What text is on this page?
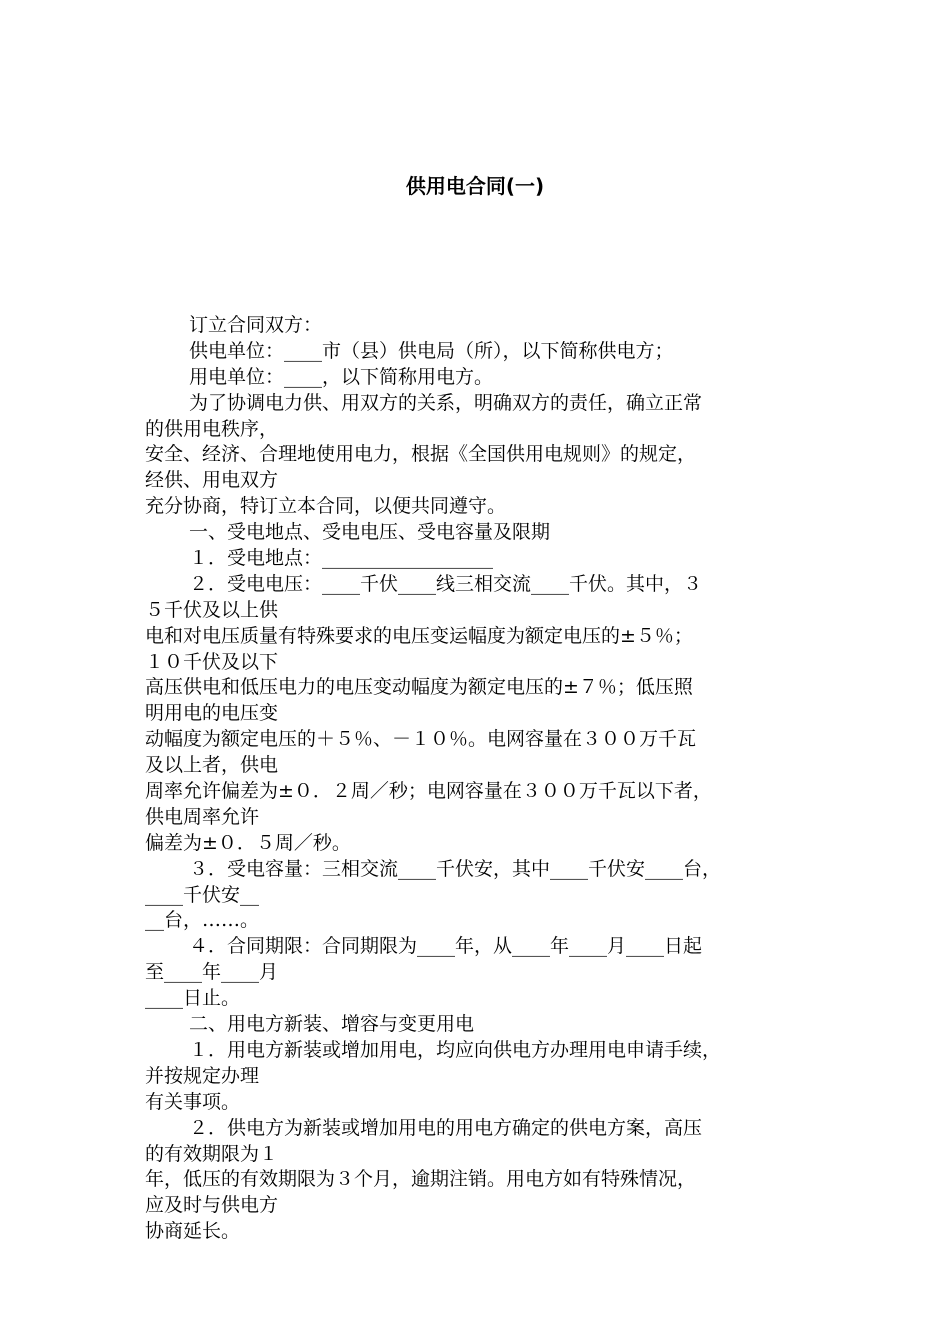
供用电合同(一)
　　 订立合同双方：
　　 供电单位：____市（县）供电局（所），以下简称供电方；
　　 用电单位：____，以下简称用电方。
　　 为了协调电力供、用双方的关系，明确双方的责任，确立正常
的供用电秩序，
安全、经济、合理地使用电力，根据《全国供用电规则》的规定，
经供、用电双方
充分协商，特订立本合同，以便共同遵守。
　　 一、受电地点、受电电压、受电容量及限期
　　 １．受电地点：__________________
　　 ２．受电电压：____千伏____线三相交流____千伏。其中，３
５千伏及以上供
电和对电压质量有特殊要求的电压变运幅度为额定电压的±５％；
１０千伏及以下
高压供电和低压电力的电压变动幅度为额定电压的±７％；低压照
明用电的电压变
动幅度为额定电压的＋５％、－１０％。电网容量在３００万千瓦
及以上者，供电
周率允许偏差为±０．２周／秒；电网容量在３００万千瓦以下者，
供电周率允许
偏差为±０．５周／秒。
　　 ３．受电容量：三相交流____千伏安，其中____千伏安____台，
____千伏安__
__台，……。
　　 ４．合同期限：合同期限为____年，从____年____月____日起
至____年____月
____日止。
　　 二、用电方新装、增容与变更用电
　　 １．用电方新装或增加用电，均应向供电方办理用电申请手续，
并按规定办理
有关事项。
　　 ２．供电方为新装或增加用电的用电方确定的供电方案，高压
的有效期限为１
年，低压的有效期限为３个月，逾期注销。用电方如有特殊情况，
应及时与供电方
协商延长。
